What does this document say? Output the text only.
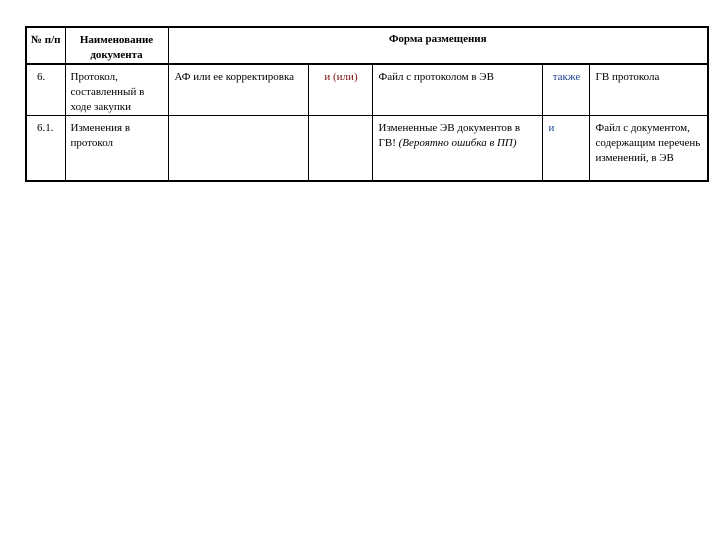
№ п/п	Наименование документа	Форма размещения				
6.	Протокол, составленный в ходе закупки	АФ или ее корректировка	и (или)	Файл с протоколом в ЭВ	также	ГВ протокола
6.1.	Изменения в протокол			Измененные ЭВ документов в ГВ! (Вероятно ошибка в ПП)	и	Файл с документом, содержащим перечень изменений, в ЭВ
